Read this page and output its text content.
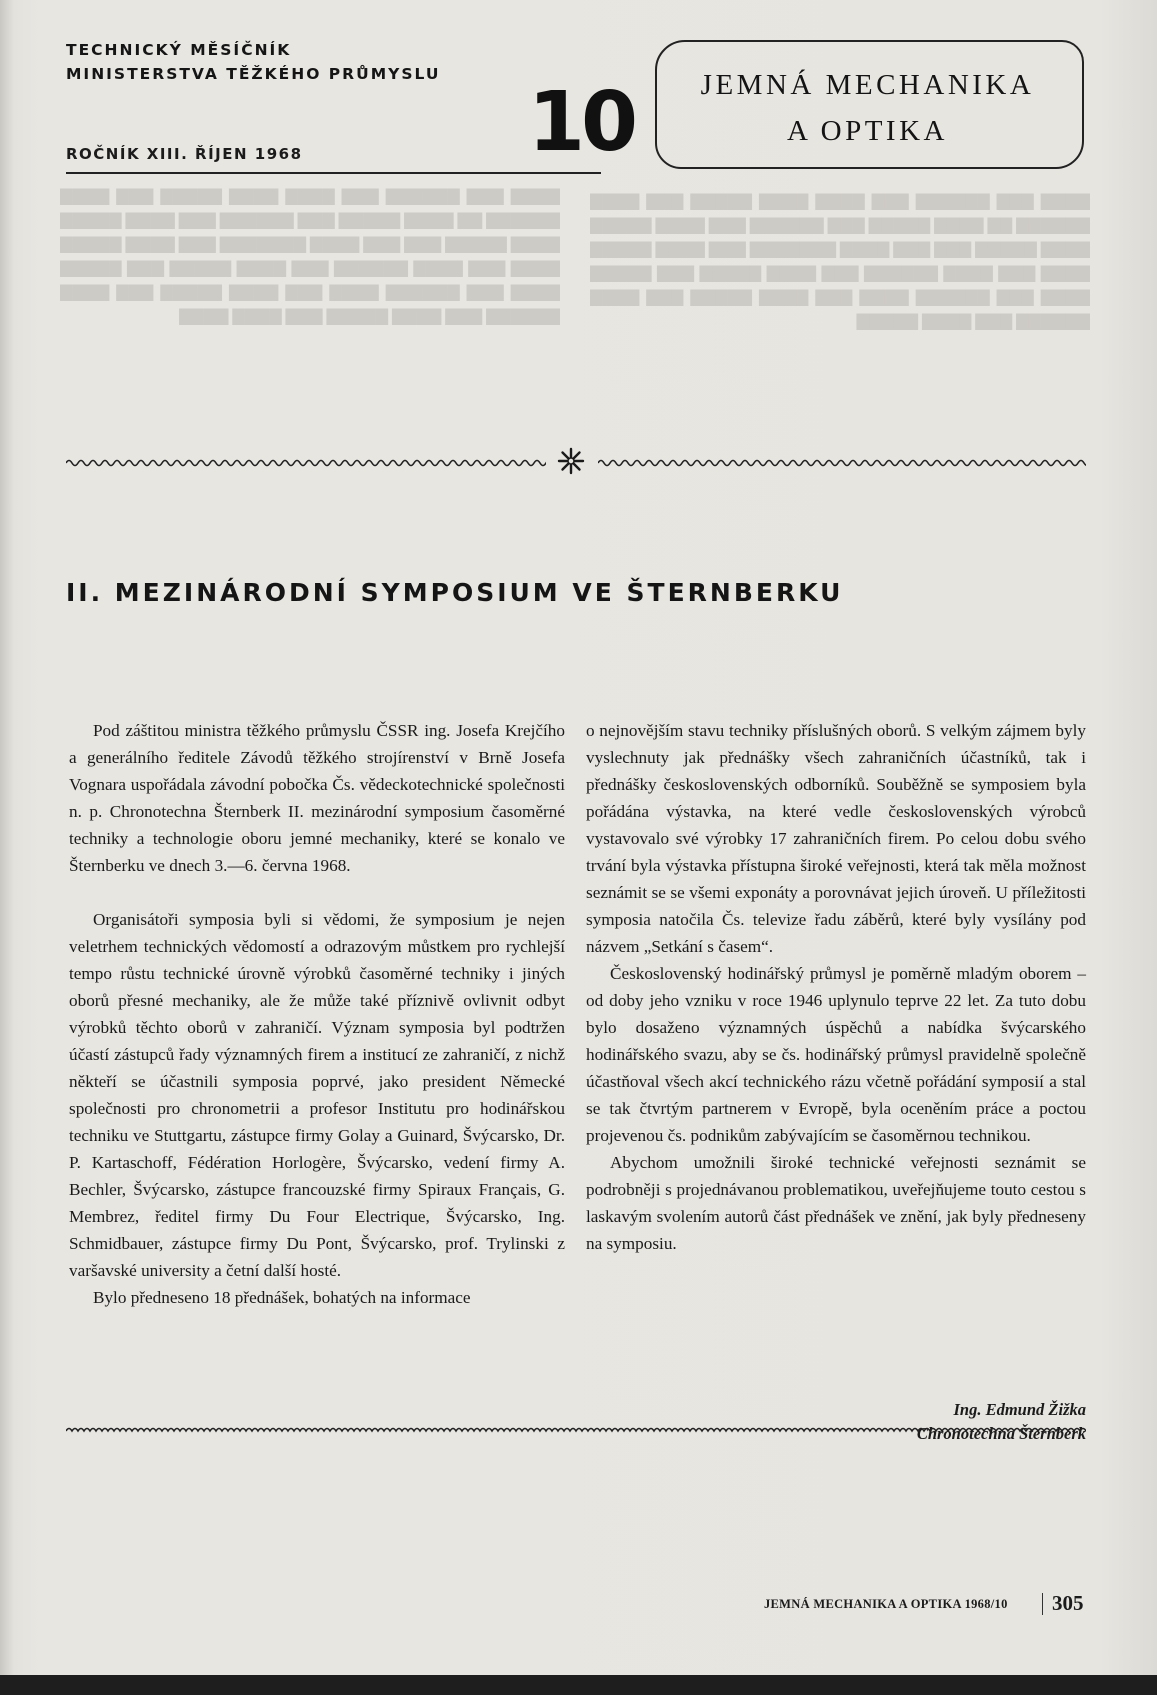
▇▇▇▇ ▇▇▇ ▇▇▇▇▇▇ ▇▇▇ ▇▇▇▇ ▇▇▇▇ ▇▇▇▇▇ ▇▇▇ ▇▇▇▇ ▇▇▇▇▇▇ ▇▇ ▇▇▇▇ ▇▇▇▇▇ ▇▇▇ ▇▇▇▇▇▇ ▇▇▇ ▇▇▇▇ ▇▇▇▇▇ ▇▇▇▇ ▇▇▇▇▇ ▇▇▇ ▇▇▇ ▇▇▇▇ ▇▇▇▇▇▇▇ ▇▇▇ ▇▇▇▇ ▇▇▇▇▇ ▇▇▇▇ ▇▇▇ ▇▇▇▇ ▇▇▇▇▇▇ ▇▇▇ ▇▇▇▇ ▇▇▇▇▇ ▇▇▇ ▇▇▇▇▇ ▇▇▇▇ ▇▇▇ ▇▇▇▇▇▇ ▇▇▇▇ ▇▇▇ ▇▇▇▇ ▇▇▇▇▇ ▇▇▇ ▇▇▇▇ ▇▇▇▇▇▇ ▇▇▇ ▇▇▇▇ ▇▇▇▇▇ ▇▇▇ ▇▇▇▇ ▇▇▇▇
▇▇▇▇ ▇▇▇ ▇▇▇▇▇▇ ▇▇▇ ▇▇▇▇ ▇▇▇▇ ▇▇▇▇▇ ▇▇▇ ▇▇▇▇ ▇▇▇▇▇▇ ▇▇ ▇▇▇▇ ▇▇▇▇▇ ▇▇▇ ▇▇▇▇▇▇ ▇▇▇ ▇▇▇▇ ▇▇▇▇▇ ▇▇▇▇ ▇▇▇▇▇ ▇▇▇ ▇▇▇ ▇▇▇▇ ▇▇▇▇▇▇▇ ▇▇▇ ▇▇▇▇ ▇▇▇▇▇ ▇▇▇▇ ▇▇▇ ▇▇▇▇ ▇▇▇▇▇▇ ▇▇▇ ▇▇▇▇ ▇▇▇▇▇ ▇▇▇ ▇▇▇▇▇ ▇▇▇▇ ▇▇▇ ▇▇▇▇▇▇ ▇▇▇▇ ▇▇▇ ▇▇▇▇ ▇▇▇▇▇ ▇▇▇ ▇▇▇▇ ▇▇▇▇▇▇ ▇▇▇ ▇▇▇▇ ▇▇▇▇▇
TECHNICKÝ MĚSÍČNÍK
MINISTERSTVA TĚŽKÉHO PRŮMYSLU
ROČNÍK XIII. ŘÍJEN 1968	10	JEMNÁ MECHANIKA
A OPTIKA
II. MEZINÁRODNÍ SYMPOSIUM VE ŠTERNBERKU

Pod záštitou ministra těžkého průmyslu ČSSR ing. Josefa Krejčího a generálního ředitele Závodů těžkého strojírenství v Brně Josefa Vognara uspořádala závodní pobočka Čs. vědeckotechnické společnosti n. p. Chronotechna Šternberk II. mezinárodní symposium časoměrné techniky a technologie oboru jemné mechaniky, které se konalo ve Šternberku ve dnech 3.—6. června 1968.

Organisátoři symposia byli si vědomi, že symposium je nejen veletrhem technických vědomostí a odrazovým můstkem pro rychlejší tempo růstu technické úrovně výrobků časoměrné techniky i jiných oborů přesné mechaniky, ale že může také příznivě ovlivnit odbyt výrobků těchto oborů v zahraničí. Význam symposia byl podtržen účastí zástupců řady významných firem a institucí ze zahraničí, z nichž někteří se účastnili symposia poprvé, jako president Německé společnosti pro chronometrii a profesor Institutu pro hodinářskou techniku ve Stuttgartu, zástupce firmy Golay a Guinard, Švýcarsko, Dr. P. Kartaschoff, Fédération Horlogère, Švýcarsko, vedení firmy A. Bechler, Švýcarsko, zástupce francouzské firmy Spiraux Français, G. Membrez, ředitel firmy Du Four Electrique, Švýcarsko, Ing. Schmidbauer, zástupce firmy Du Pont, Švýcarsko, prof. Trylinski z varšavské university a četní další hosté.

Bylo předneseno 18 přednášek, bohatých na informace

o nejnovějším stavu techniky příslušných oborů. S velkým zájmem byly vyslechnuty jak přednášky všech zahraničních účastníků, tak i přednášky československých odborníků. Souběžně se symposiem byla pořádána výstavka, na které vedle československých výrobců vystavovalo své výrobky 17 zahraničních firem. Po celou dobu svého trvání byla výstavka přístupna široké veřejnosti, která tak měla možnost seznámit se se všemi exponáty a porovnávat jejich úroveň. U příležitosti symposia natočila Čs. televize řadu záběrů, které byly vysílány pod názvem „Setkání s časem“.

Československý hodinářský průmysl je poměrně mladým oborem – od doby jeho vzniku v roce 1946 uplynulo teprve 22 let. Za tuto dobu bylo dosaženo významných úspěchů a nabídka švýcarského hodinářského svazu, aby se čs. hodinářský průmysl pravidelně společně účastňoval všech akcí technického rázu včetně pořádání symposií a stal se tak čtvrtým partnerem v Evropě, byla oceněním práce a poctou projevenou čs. podnikům zabývajícím se časoměrnou technikou.

Abychom umožnili široké technické veřejnosti seznámit se podrobněji s projednávanou problematikou, uveřejňujeme touto cestou s laskavým svolením autorů část přednášek ve znění, jak byly předneseny na symposiu.

Ing. Edmund Žižka
Chronotechna Šternberk
JEMNÁ MECHANIKA A OPTIKA 1968/10 305
